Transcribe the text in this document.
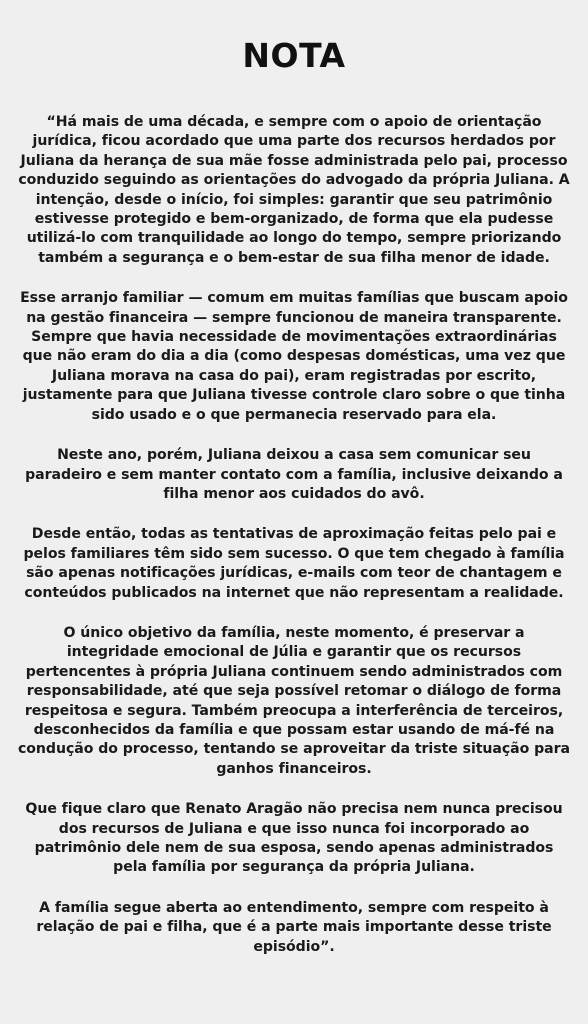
NOTA

“Há mais de uma década, e sempre com o apoio de orientação jurídica, ficou acordado que uma parte dos recursos herdados por Juliana da herança de sua mãe fosse administrada pelo pai, processo conduzido seguindo as orientações do advogado da própria Juliana. A intenção, desde o início, foi simples: garantir que seu patrimônio estivesse protegido e bem-organizado, de forma que ela pudesse utilizá-lo com tranquilidade ao longo do tempo, sempre priorizando também a segurança e o bem-estar de sua filha menor de idade.

Esse arranjo familiar — comum em muitas famílias que buscam apoio na gestão financeira — sempre funcionou de maneira transparente. Sempre que havia necessidade de movimentações extraordinárias que não eram do dia a dia (como despesas domésticas, uma vez que Juliana morava na casa do pai), eram registradas por escrito, justamente para que Juliana tivesse controle claro sobre o que tinha sido usado e o que permanecia reservado para ela.

Neste ano, porém, Juliana deixou a casa sem comunicar seu paradeiro e sem manter contato com a família, inclusive deixando a filha menor aos cuidados do avô.

Desde então, todas as tentativas de aproximação feitas pelo pai e pelos familiares têm sido sem sucesso. O que tem chegado à família são apenas notificações jurídicas, e-mails com teor de chantagem e conteúdos publicados na internet que não representam a realidade.

O único objetivo da família, neste momento, é preservar a integridade emocional de Júlia e garantir que os recursos pertencentes à própria Juliana continuem sendo administrados com responsabilidade, até que seja possível retomar o diálogo de forma respeitosa e segura. Também preocupa a interferência de terceiros, desconhecidos da família e que possam estar usando de má-fé na condução do processo, tentando se aproveitar da triste situação para ganhos financeiros.

Que fique claro que Renato Aragão não precisa nem nunca precisou dos recursos de Juliana e que isso nunca foi incorporado ao patrimônio dele nem de sua esposa, sendo apenas administrados pela família por segurança da própria Juliana.

A família segue aberta ao entendimento, sempre com respeito à relação de pai e filha, que é a parte mais importante desse triste episódio”.
